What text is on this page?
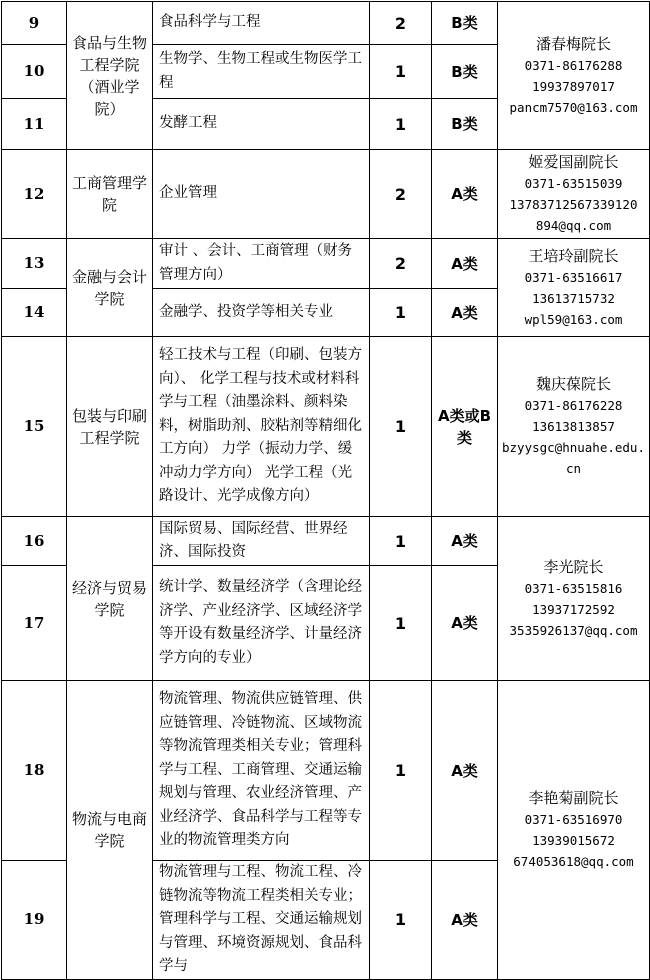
9	食品与生物工程学院（酒业学院）	食品科学与工程	2	B类	潘春梅院长
0371-86176288
19937897017
pancm7570@163.com

10		生物学、生物工程或生物医学工程	1	B类	
11		发酵工程	1	B类	
12	工商管理学院	企业管理	2	A类	姬爱国副院长
0371-63515039
13783712567339120
894@qq.com

13	金融与会计学院	审计 、会计、工商管理（财务管理方向）	2	A类	王培玲副院长
0371-63516617
13613715732
wpl59@163.com

14		金融学、投资学等相关专业	1	A类	
15	包装与印刷工程学院	轻工技术与工程（印刷、包装方向）、 化学工程与技术或材料科学与工程（油墨涂料、颜料染料，树脂助剂、胶粘剂等精细化工方向） 力学（振动力学、缓冲动力学方向） 光学工程（光路设计、光学成像方向）	1	A类或B类	魏庆葆院长
0371-86176228
13613813857
bzyysgc@hnuahe.edu.cn

16	经济与贸易学院	国际贸易、国际经营、世界经济、国际投资	1	A类	李光院长
0371-63515816
13937172592
3535926137@qq.com

17		统计学、数量经济学（含理论经济学、产业经济学、区域经济学等开设有数量经济学、计量经济学方向的专业）	1	A类	
18	物流与电商学院	物流管理、物流供应链管理、供应链管理、冷链物流、区域物流等物流管理类相关专业；管理科学与工程、工商管理、交通运输规划与管理、农业经济管理、产业经济学、食品科学与工程等专业的物流管理类方向	1	A类	李艳菊副院长
0371-63516970
13939015672
674053618@qq.com

19		物流管理与工程、物流工程、冷链物流等物流工程类相关专业；管理科学与工程、交通运输规划与管理、环境资源规划、食品科学与	1	A类	
